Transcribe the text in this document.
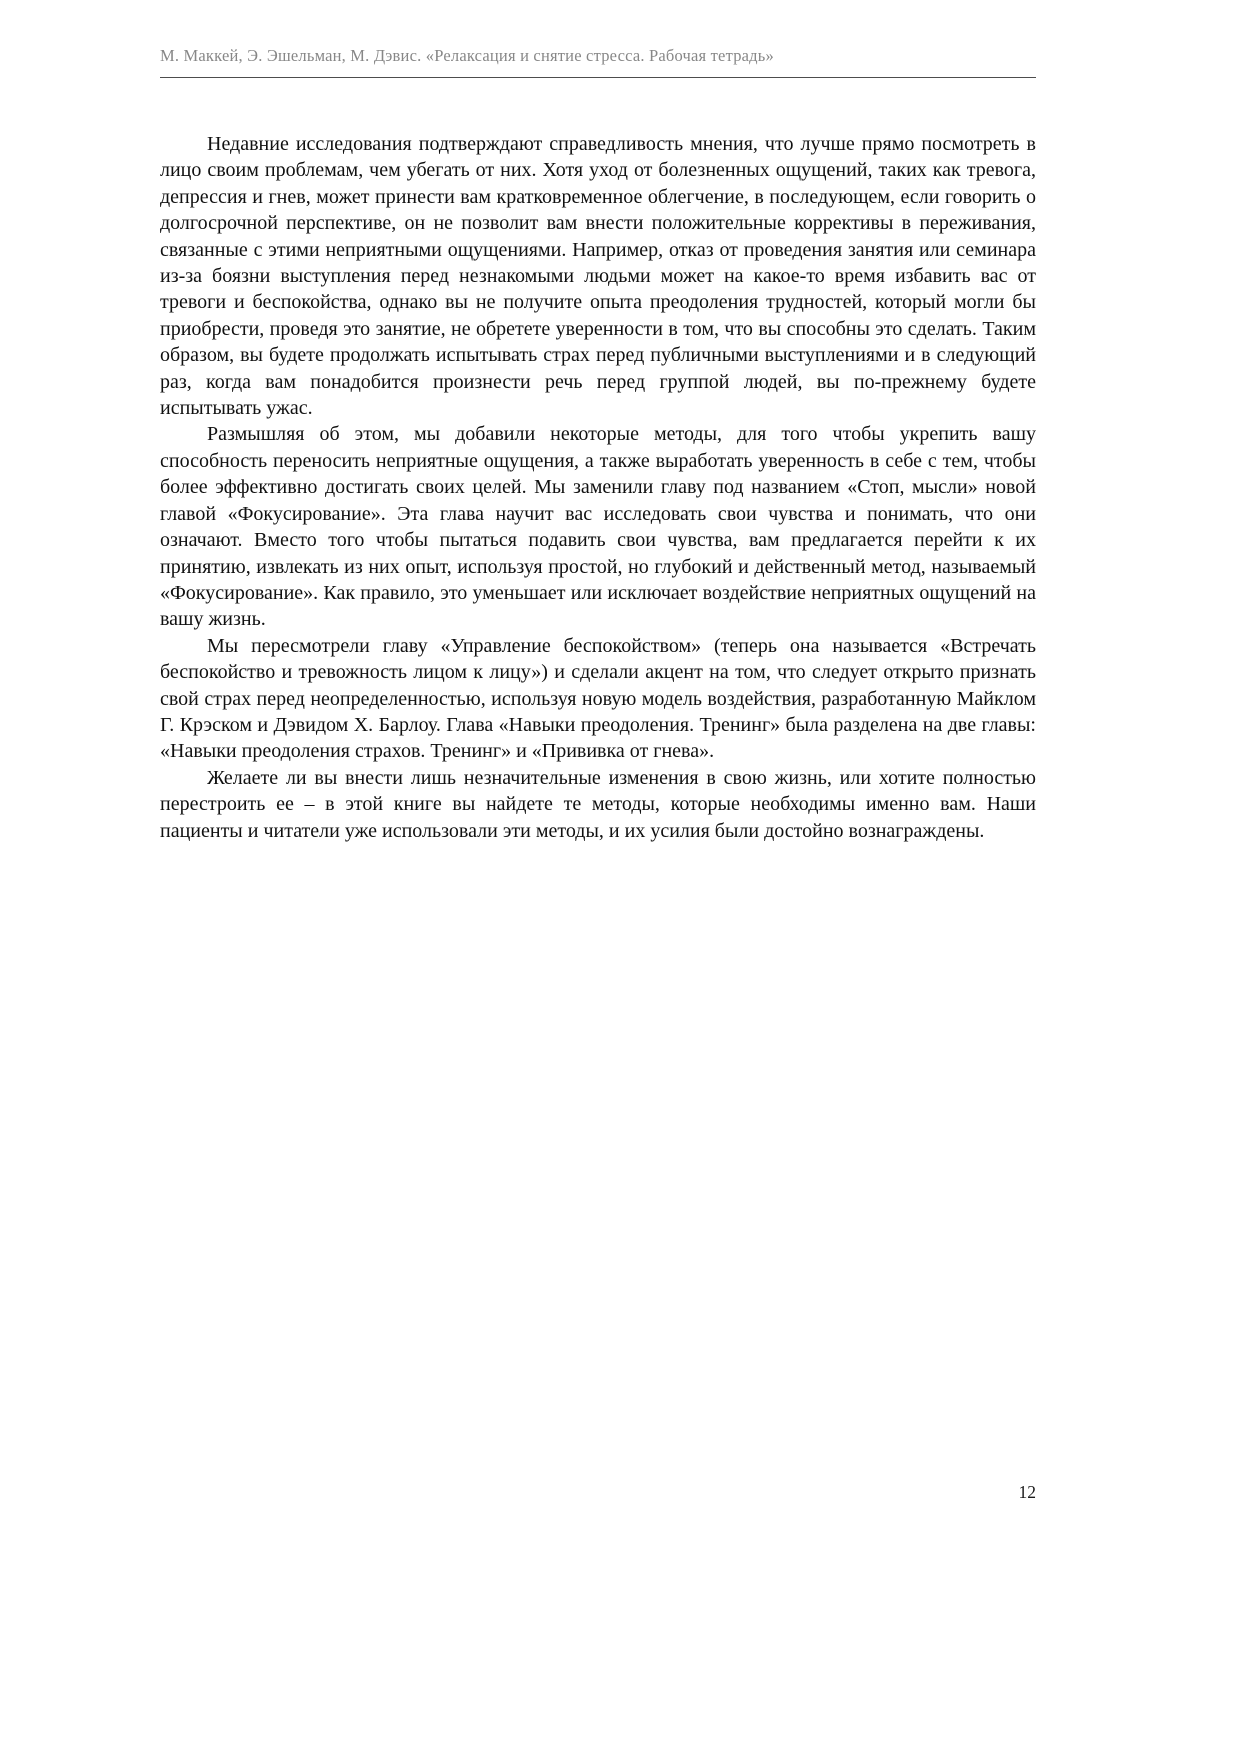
М. Маккей, Э. Эшельман, М. Дэвис. «Релаксация и снятие стресса. Рабочая тетрадь»

Недавние исследования подтверждают справедливость мнения, что лучше прямо посмотреть в лицо своим проблемам, чем убегать от них. Хотя уход от болезненных ощущений, таких как тревога, депрессия и гнев, может принести вам кратковременное облегчение, в последующем, если говорить о долгосрочной перспективе, он не позволит вам внести положительные коррективы в переживания, связанные с этими неприятными ощущениями. Например, отказ от проведения занятия или семинара из-за боязни выступления перед незнакомыми людьми может на какое-то время избавить вас от тревоги и беспокойства, однако вы не получите опыта преодоления трудностей, который могли бы приобрести, проведя это занятие, не обретете уверенности в том, что вы способны это сделать. Таким образом, вы будете продолжать испытывать страх перед публичными выступлениями и в следующий раз, когда вам понадобится произнести речь перед группой людей, вы по-прежнему будете испытывать ужас.

Размышляя об этом, мы добавили некоторые методы, для того чтобы укрепить вашу способность переносить неприятные ощущения, а также выработать уверенность в себе с тем, чтобы более эффективно достигать своих целей. Мы заменили главу под названием «Стоп, мысли» новой главой «Фокусирование». Эта глава научит вас исследовать свои чувства и понимать, что они означают. Вместо того чтобы пытаться подавить свои чувства, вам предлагается перейти к их принятию, извлекать из них опыт, используя простой, но глубокий и действенный метод, называемый «Фокусирование». Как правило, это уменьшает или исключает воздействие неприятных ощущений на вашу жизнь.

Мы пересмотрели главу «Управление беспокойством» (теперь она называется «Встречать беспокойство и тревожность лицом к лицу») и сделали акцент на том, что следует открыто признать свой страх перед неопределенностью, используя новую модель воздействия, разработанную Майклом Г. Крэском и Дэвидом Х. Барлоу. Глава «Навыки преодоления. Тренинг» была разделена на две главы: «Навыки преодоления страхов. Тренинг» и «Прививка от гнева».

Желаете ли вы внести лишь незначительные изменения в свою жизнь, или хотите полностью перестроить ее – в этой книге вы найдете те методы, которые необходимы именно вам. Наши пациенты и читатели уже использовали эти методы, и их усилия были достойно вознаграждены.

12
